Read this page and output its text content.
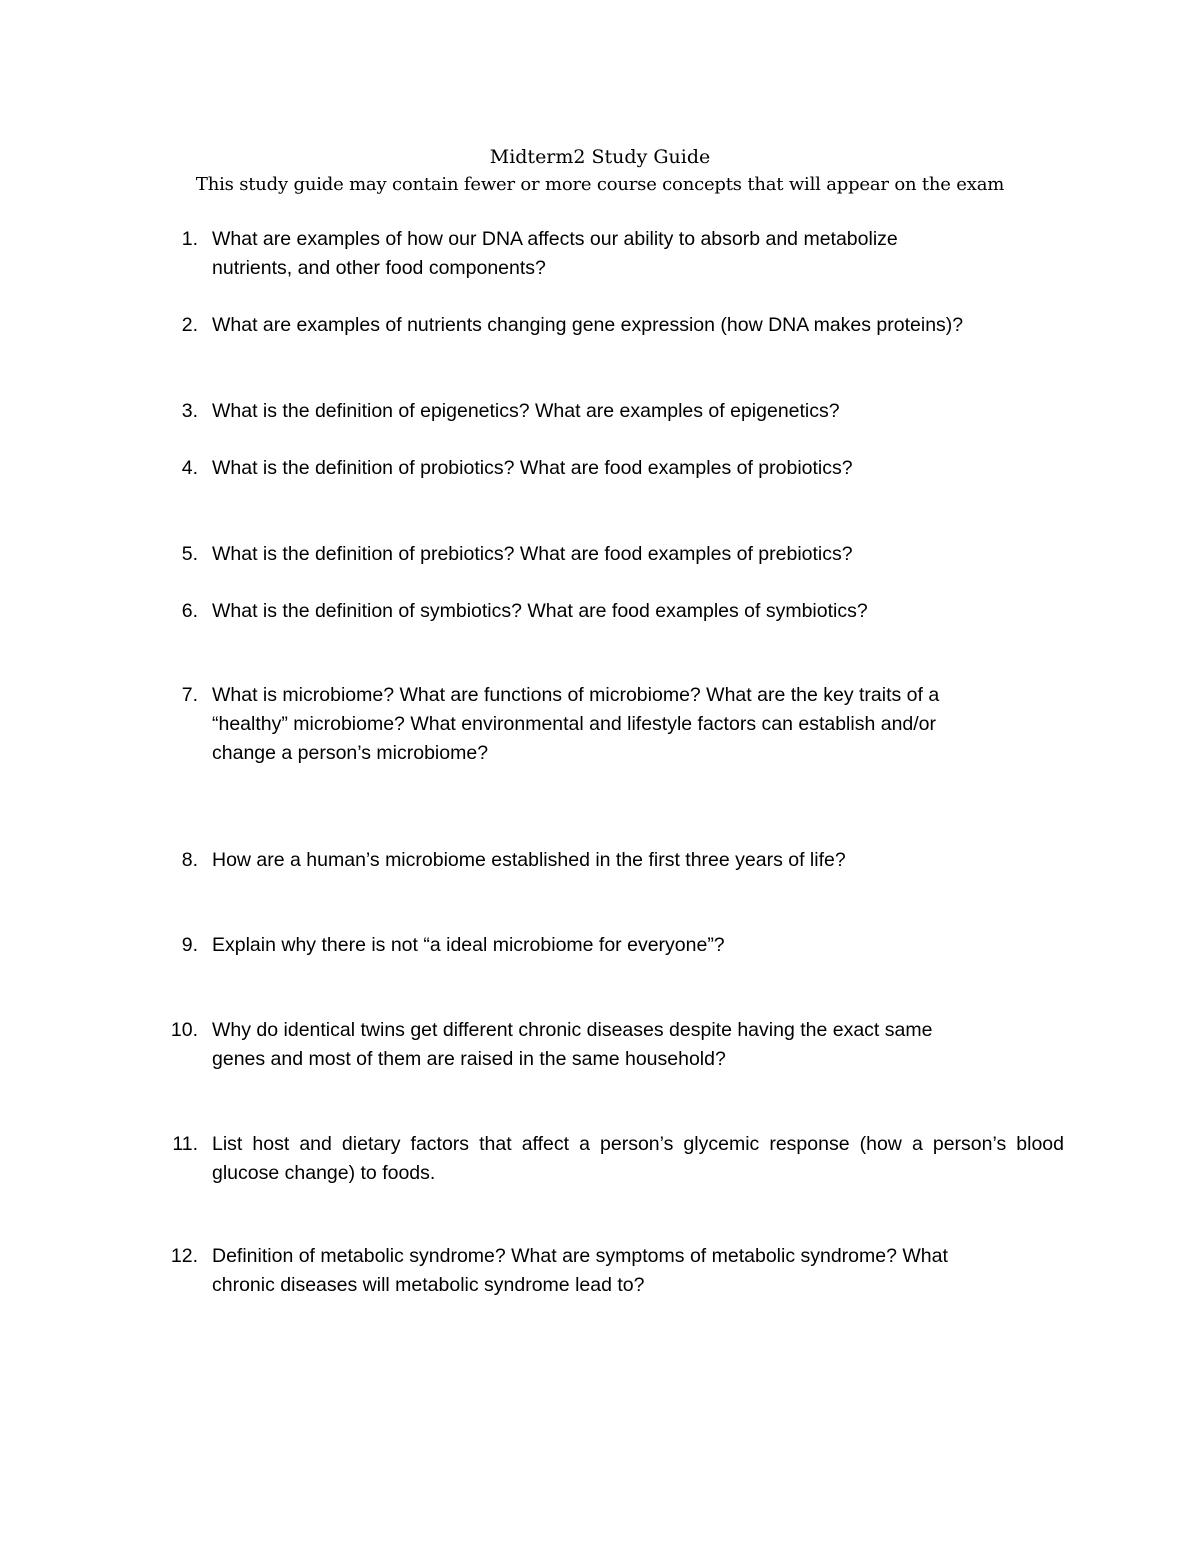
Midterm2 Study Guide
This study guide may contain fewer or more course concepts that will appear on the exam
1. What are examples of how our DNA affects our ability to absorb and metabolize
nutrients, and other food components?
2. What are examples of nutrients changing gene expression (how DNA makes proteins)?
3. What is the definition of epigenetics? What are examples of epigenetics?
4. What is the definition of probiotics? What are food examples of probiotics?
5. What is the definition of prebiotics? What are food examples of prebiotics?
6. What is the definition of symbiotics? What are food examples of symbiotics?
7. What is microbiome? What are functions of microbiome? What are the key traits of a
“healthy” microbiome? What environmental and lifestyle factors can establish and/or
change a person’s microbiome?
8. How are a human’s microbiome established in the first three years of life?
9. Explain why there is not “a ideal microbiome for everyone”?
10. Why do identical twins get different chronic diseases despite having the exact same
genes and most of them are raised in the same household?
11. List host and dietary factors that affect a person’s glycemic response (how a person’s blood glucose change) to foods.
12. Definition of metabolic syndrome? What are symptoms of metabolic syndrome? What
chronic diseases will metabolic syndrome lead to?
